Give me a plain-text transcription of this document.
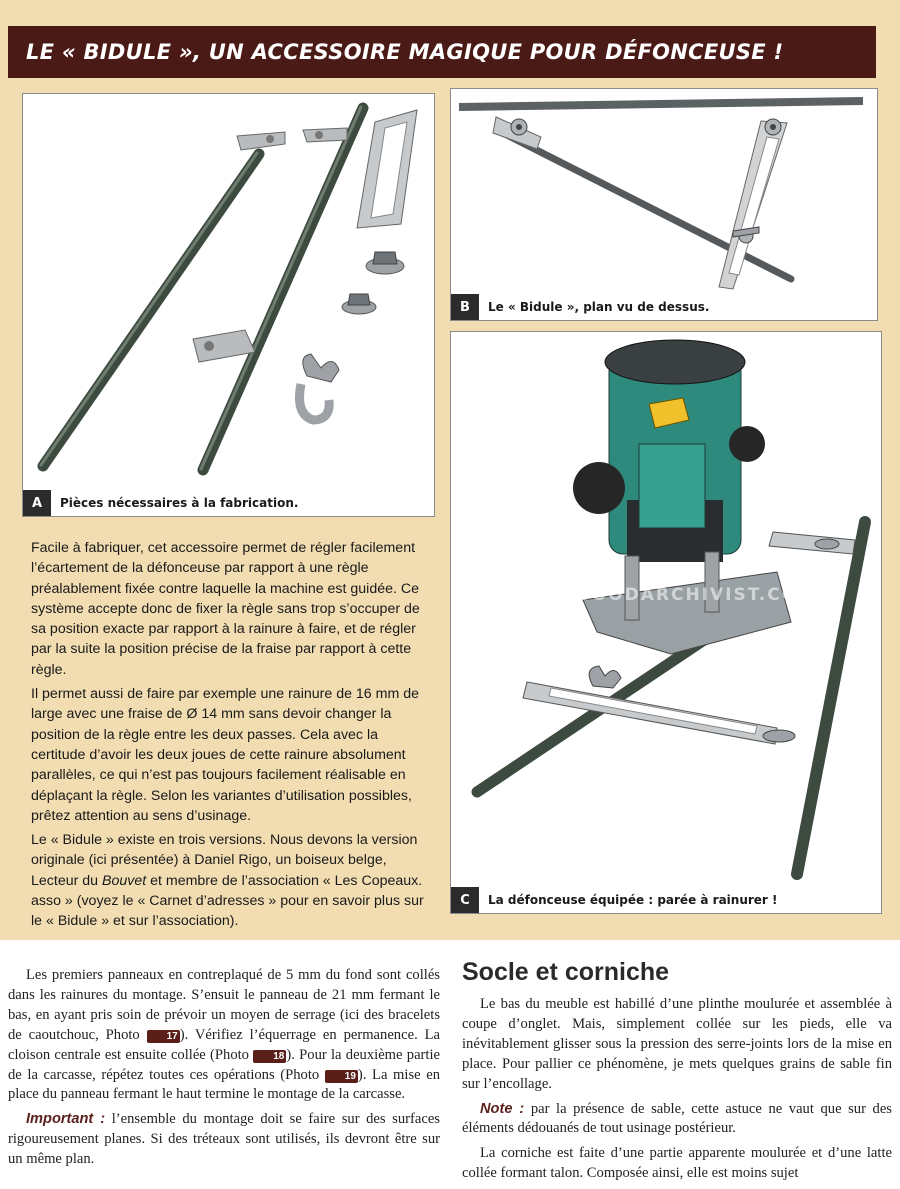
LE « BIDULE », UN ACCESSOIRE MAGIQUE POUR DÉFONCEUSE !
A	Pièces nécessaires à la fabrication.
B	Le « Bidule », plan vu de dessus.
WOODARCHIVIST.COM
C	La défonceuse équipée : parée à rainurer !

Facile à fabriquer, cet accessoire permet de régler facilement l’écartement de la défonceuse par rapport à une règle préalablement fixée contre laquelle la machine est guidée. Ce système accepte donc de fixer la règle sans trop s’occuper de sa position exacte par rapport à la rainure à faire, et de régler par la suite la position précise de la fraise par rapport à cette règle.

Il permet aussi de faire par exemple une rainure de 16 mm de large avec une fraise de Ø 14 mm sans devoir changer la position de la règle entre les deux passes. Cela avec la certitude d’avoir les deux joues de cette rainure absolument parallèles, ce qui n’est pas toujours facilement réalisable en déplaçant la règle. Selon les variantes d’utilisation possibles, prêtez attention au sens d’usinage.

Le « Bidule » existe en trois versions. Nous devons la version originale (ici présentée) à Daniel Rigo, un boiseux belge, Lecteur du Bouvet et membre de l’association « Les Copeaux. asso » (voyez le « Carnet d’adresses » pour en savoir plus sur le « Bidule » et sur l’association).

Les premiers panneaux en contreplaqué de 5 mm du fond sont collés dans les rainures du montage. S’ensuit le panneau de 21 mm fermant le bas, en ayant pris soin de prévoir un moyen de serrage (ici des bracelets de caoutchouc, Photo 17 ). Vérifiez l’équerrage en permanence. La cloison centrale est ensuite collée (Photo 18 ). Pour la deuxième partie de la carcasse, répétez toutes ces opérations (Photo 19 ). La mise en place du panneau fermant le haut termine le montage de la carcasse.

Important : l’ensemble du montage doit se faire sur des surfaces rigoureusement planes. Si des tréteaux sont utilisés, ils devront être sur un même plan.

Socle et corniche

Le bas du meuble est habillé d’une plinthe moulurée et assemblée à coupe d’onglet. Mais, simplement collée sur les pieds, elle va inévitablement glisser sous la pression des serre-joints lors de la mise en place. Pour pallier ce phénomène, je mets quelques grains de sable fin sur l’encollage.

Note : par la présence de sable, cette astuce ne vaut que sur des éléments dédouanés de tout usinage postérieur.

La corniche est faite d’une partie apparente moulurée et d’une latte collée formant talon. Composée ainsi, elle est moins sujet
